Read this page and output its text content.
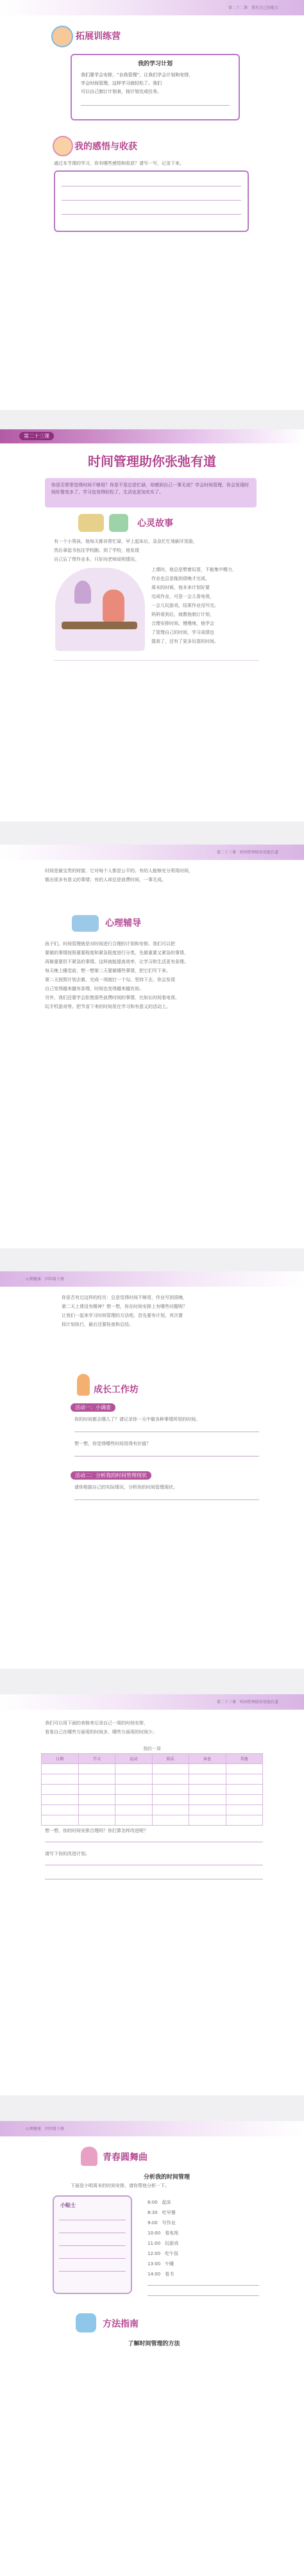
第二十二课　我有自己的能力
拓展训练营
我的学习计划
我们要学会安排，“自我管理”，让我们学会计划和安排，
学会时间管理，这样学习就轻松了。我们
可以自己制订计划表，按计划完成任务。
我的感悟与收获
通过本节课的学习，你有哪些感悟和收获？请写一写，记录下来。
第二十三课
时间管理助你张弛有道
你是否常常觉得时间不够用？你是不是总是忙碌，却感到自己一事无成？学会时间管理，你会发现时间好像变多了，学习也变得轻松了，生活也更加充实了。
心灵故事
有一个小男孩，他每天都非常忙碌，早上起床后，急急忙忙地刷牙洗脸，
然后拿起书包往学校跑。到了学校，他发现
自己忘了带作业本，只好向老师说明情况。
上课时，他总是想着玩耍，不能集中精力，
作业也总是拖到很晚才完成。
周末的时候，他本来计划好要
完成作业，可是一会儿看电视，
一会儿玩游戏，结果作业没写完。
妈妈看到后，就教他制订计划，
合理安排时间。慢慢地，他学会
了管理自己的时间，学习成绩也
提高了，还有了更多玩耍的时间。
第二十三课　时间管理助你张弛有道
时间是最宝贵的财富，它对每个人都是公平的。有的人能够充分利用时间，
做出很多有意义的事情；有的人却总是浪费时间，一事无成。
心理辅导
孩子们，时间管理就是对时间进行合理的计划和安排。我们可以把
要做的事情按照重要程度和紧急程度进行分类，先做重要又紧急的事情，
再做重要但不紧急的事情。这样就能提高效率，让学习和生活更有条理。
每天晚上睡觉前，想一想第二天要做哪些事情，把它们写下来。
第二天按照计划去做，完成一项就打一个勾。坚持下去，你会发现
自己变得越来越有条理，时间也变得越来越充裕。
另外，我们还要学会拒绝那些浪费时间的事情，比如长时间看电视、
玩手机游戏等。把节省下来的时间用在学习和有意义的活动上。
心理健康　四年级下册
你是否有过这样的经历：总是觉得时间不够用，作业写到很晚，
第二天上课没有精神？想一想，你在时间安排上有哪些问题呢？
让我们一起来学习时间管理的方法吧。首先要有计划，其次要
按计划执行，最后还要检查和总结。
成长工作坊
活动一：小调查
你的时间都去哪儿了？请记录你一天中做各种事情所用的时间。
想一想，你觉得哪些时间用得有价值？
活动二：分析我的时间管理现状
请你根据自己的实际情况，分析你的时间管理现状。
第二十三课　时间管理助你张弛有道
我们可以用下面的表格来记录自己一周的时间安排，
看看自己在哪些方面用的时间多，哪些方面用的时间少。
我的一周
日期	学习	运动	娱乐	休息	其他

想一想，你的时间安排合理吗？你打算怎样改进呢？
请写下你的改进计划。
心理健康　四年级下册
青春圆舞曲
分析我的时间管理
下面是小明周末的时间安排，请你帮他分析一下。
小贴士	8:00　起床
8:30　吃早餐
9:00　写作业
10:00　看电视
11:00　玩游戏
12:00　吃午饭
13:00　午睡
14:00　看书
方法指南
了解时间管理的方法
